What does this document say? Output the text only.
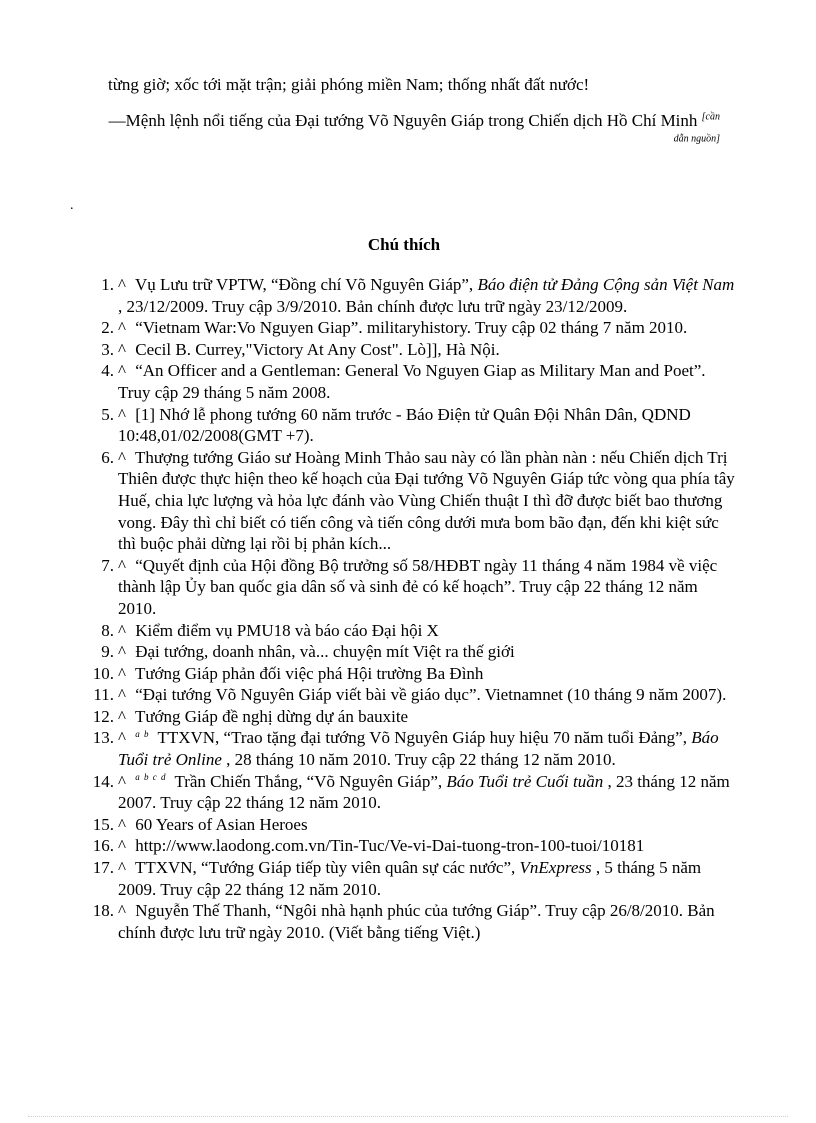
từng giờ; xốc tới mặt trận; giải phóng miền Nam; thống nhất đất nước!
—Mệnh lệnh nổi tiếng của Đại tướng Võ Nguyên Giáp trong Chiến dịch Hồ Chí Minh [cần dẫn nguồn]
.
Chú thích
1. ^ Vụ Lưu trữ VPTW, “Đồng chí Võ Nguyên Giáp”, Báo điện tử Đảng Cộng sản Việt Nam , 23/12/2009. Truy cập 3/9/2010. Bản chính được lưu trữ ngày 23/12/2009.
2. ^ “Vietnam War:Vo Nguyen Giap”. militaryhistory. Truy cập 02 tháng 7 năm 2010.
3. ^ Cecil B. Currey,"Victory At Any Cost". Lò]], Hà Nội.
4. ^ “An Officer and a Gentleman: General Vo Nguyen Giap as Military Man and Poet”. Truy cập 29 tháng 5 năm 2008.
5. ^ [1] Nhớ lễ phong tướng 60 năm trước - Báo Điện tử Quân Đội Nhân Dân, QDND 10:48,01/02/2008(GMT +7).
6. ^ Thượng tướng Giáo sư Hoàng Minh Thảo sau này có lần phàn nàn : nếu Chiến dịch Trị Thiên được thực hiện theo kế hoạch của Đại tướng Võ Nguyên Giáp tức vòng qua phía tây Huế, chia lực lượng và hỏa lực đánh vào Vùng Chiến thuật I thì đỡ được biết bao thương vong. Đây thì chỉ biết có tiến công và tiến công dưới mưa bom bão đạn, đến khi kiệt sức thì buộc phải dừng lại rồi bị phản kích...
7. ^ “Quyết định của Hội đồng Bộ trưởng số 58/HĐBT ngày 11 tháng 4 năm 1984 về việc thành lập Ủy ban quốc gia dân số và sinh đẻ có kế hoạch”. Truy cập 22 tháng 12 năm 2010.
8. ^ Kiểm điểm vụ PMU18 và báo cáo Đại hội X
9. ^ Đại tướng, doanh nhân, và... chuyện mít Việt ra thế giới
10. ^ Tướng Giáp phản đối việc phá Hội trường Ba Đình
11. ^ “Đại tướng Võ Nguyên Giáp viết bài về giáo dục”. Vietnamnet (10 tháng 9 năm 2007).
12. ^ Tướng Giáp đề nghị dừng dự án bauxite
13. ^ $^{a b}$ TTXVN, “Trao tặng đại tướng Võ Nguyên Giáp huy hiệu 70 năm tuổi Đảng”, Báo Tuổi trẻ Online , 28 tháng 10 năm 2010. Truy cập 22 tháng 12 năm 2010.
14. ^ $^{a b c d}$ Trần Chiến Thắng, “Võ Nguyên Giáp”, Báo Tuổi trẻ Cuối tuần , 23 tháng 12 năm 2007. Truy cập 22 tháng 12 năm 2010.
15. ^ 60 Years of Asian Heroes
16. ^ http://www.laodong.com.vn/Tin-Tuc/Ve-vi-Dai-tuong-tron-100-tuoi/10181
17. ^ TTXVN, “Tướng Giáp tiếp tùy viên quân sự các nước”, VnExpress , 5 tháng 5 năm 2009. Truy cập 22 tháng 12 năm 2010.
18. ^ Nguyễn Thế Thanh, “Ngôi nhà hạnh phúc của tướng Giáp”. Truy cập 26/8/2010. Bản chính được lưu trữ ngày 2010. (Viết bằng tiếng Việt.)
